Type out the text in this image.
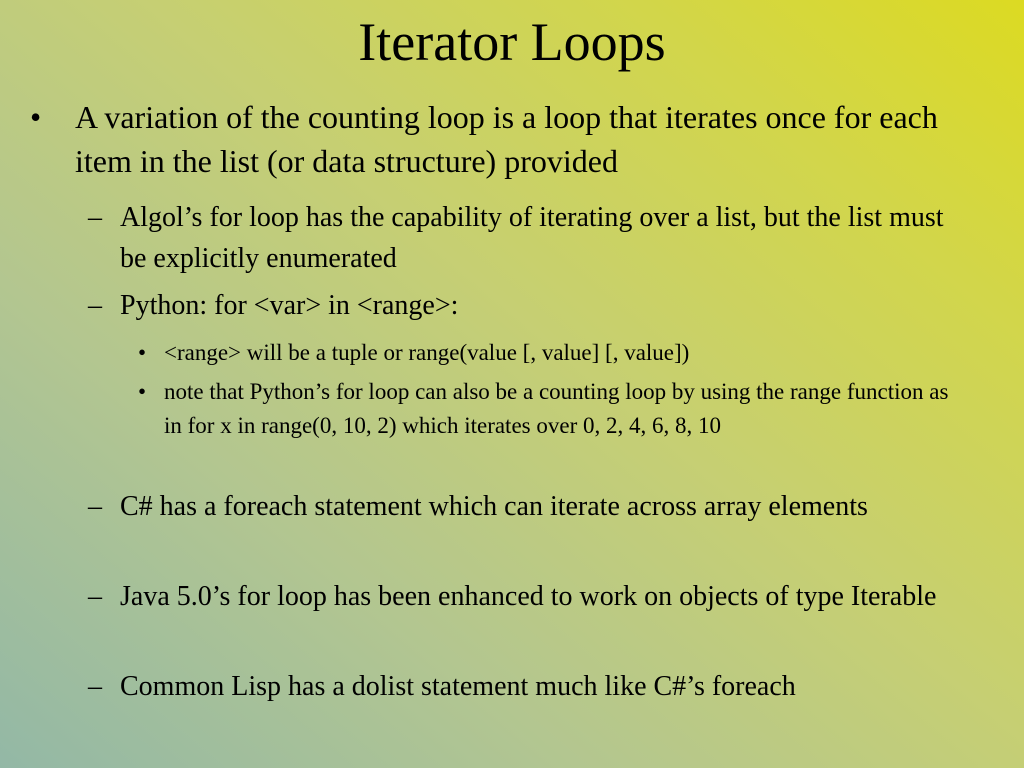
Iterator Loops
•	A variation of the counting loop is a loop that iterates once for each item in the list (or data structure) provided
– Algol’s for loop has the capability of iterating over a list, but the list must be explicitly enumerated
– Python: for <var> in <range>:
• <range> will be a tuple or range(value [, value] [, value])
• note that Python’s for loop can also be a counting loop by using the range function as in for x in range(0, 10, 2) which iterates over 0, 2, 4, 6, 8, 10
– C# has a foreach statement which can iterate across array elements
– Java 5.0’s for loop has been enhanced to work on objects of type Iterable
– Common Lisp has a dolist statement much like C#’s foreach
